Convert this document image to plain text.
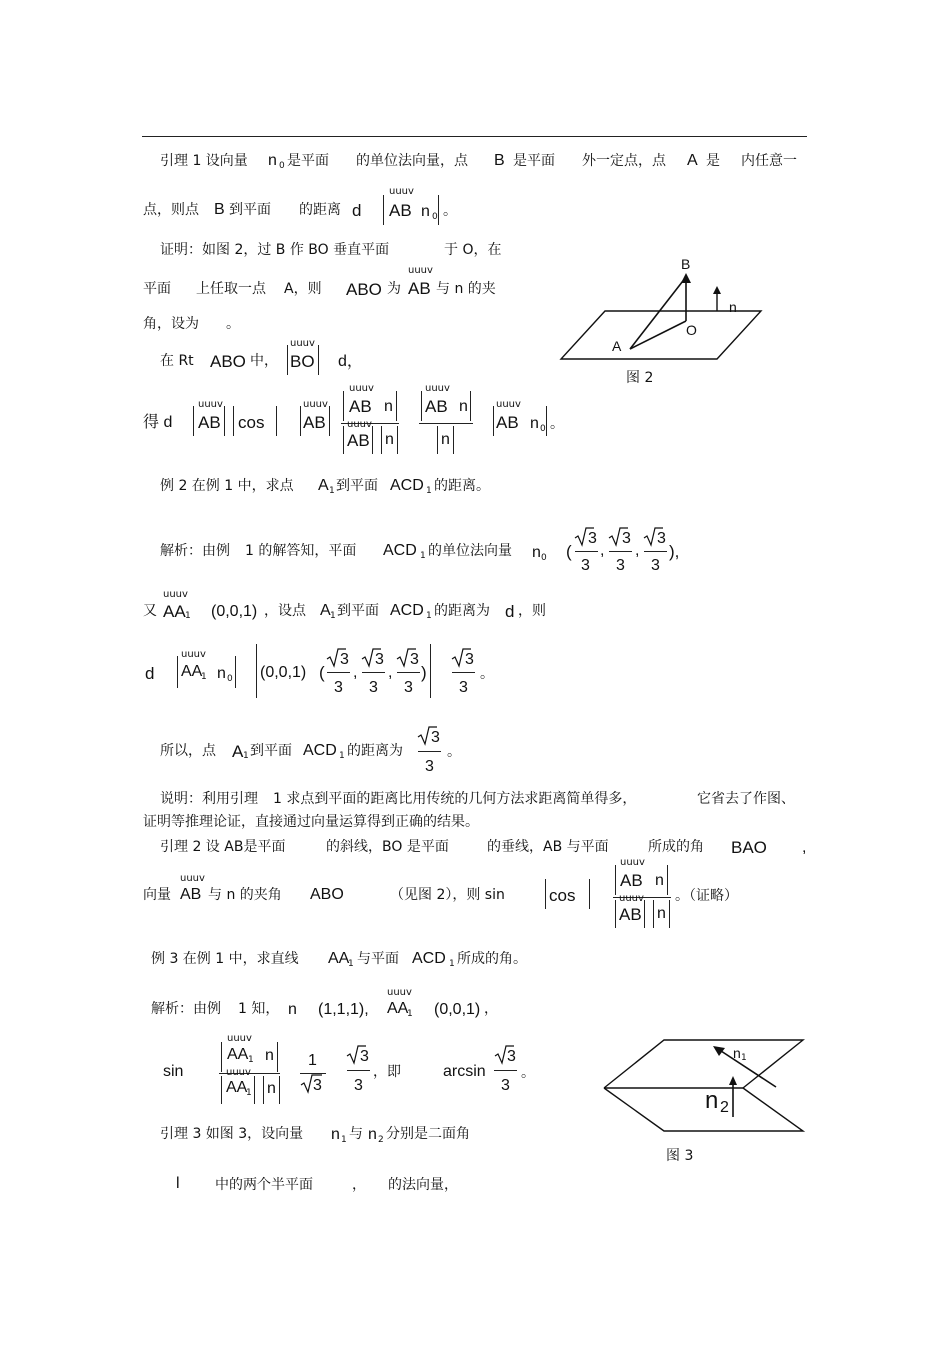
引理 1 设向量 n 0 是平面 的单位法向量，点 B 是平面 外一定点，点 A 是 内任意一
点，则点 B 到平面 的距离 d
uuuv
AB n 0 。
证明：如图 2，过 B 作 BO 垂直平面	于 O，在
平面 上任取一点 A，则 ABO 为
uuuv
AB 与 n 的夹
角，设为 。
在 Rt ABO 中，
uuuv
BO d，
得 d
uuuv
AB cos
uuuv
AB
uuuv
AB n
uuuv
AB n
uuuv
AB n
n
uuuv
AB n 0 。
B
n
O
A
图 2
例 2 在例 1 中，求点 A 1 到平面 ACD 1 的距离。
解析：由例 1 的解答知，平面 ACD 1 的单位法向量 n 0 (
3
3
,
3
3
,
3
3
),
又
uuuv
AA 1 (0,0,1) ，设点 A 1 到平面 ACD 1 的距离为 d ，则
d
uuuv
AA
1 n 0 (0,0,1) (
3
3
,
3
3
,
3
3
)
3
3
。
所以，点 A 1 到平面 ACD 1 的距离为
3
3
。
说明：利用引理 1 求点到平面的距离比用传统的几何方法求距离简单得多，	它省去了作图、
证明等推理论证，直接通过向量运算得到正确的结果。
引理 2 设 AB是平面	的斜线，BO 是平面	的垂线，AB 与平面	所成的角 BAO ,
向量
uuuv
AB 与 n 的夹角 ABO	（见图 2），则 sin	cos
uuuv
AB n
uuuv
AB n
。（证略）
例 3 在例 1 中，求直线 AA
1 与平面 ACD 1 所成的角。
解析：由例 1 知， n (1,1,1),
uuuv
AA
1 (0,0,1) ，
sin
uuuv
AA 1 n
uuuv
AA
1 n
1
3
3
3
，即	arcsin
3
3
。
引理 3 如图 3，设向量 n 1 与 n 2 分别是二面角
l	中的两个半平面	， 的法向量，
n 1
n 2
图 3
